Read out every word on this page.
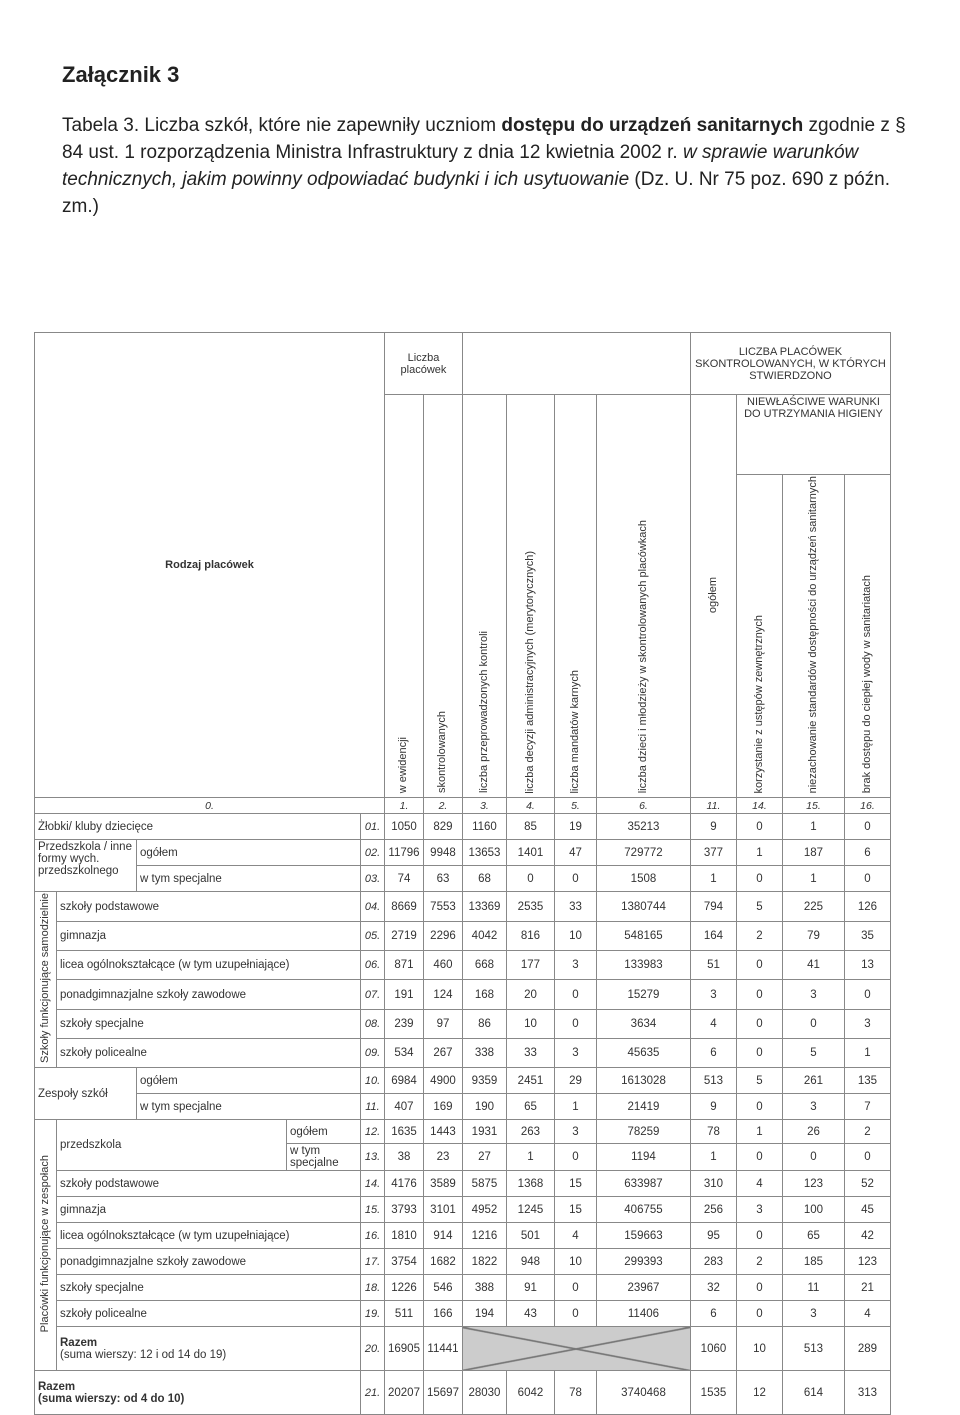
Załącznik 3
Tabela 3. Liczba szkół, które nie zapewniły uczniom dostępu do urządzeń sanitarnych zgodnie z § 84 ust. 1 rozporządzenia Ministra Infrastruktury z dnia 12 kwietnia 2002 r. w sprawie warunków technicznych, jakim powinny odpowiadać budynki i ich usytuowanie (Dz. U. Nr 75 poz. 690 z późn. zm.)
Rodzaj placówek					Liczba placówek						LICZBA PLACÓWEK SKONTROLOWANYCH, W KTÓRYCH STWIERDZONO			
					w ewidencji	skontrolowanych	liczba przeprowadzonych kontroli	liczba decyzji administracyjnych (merytorycznych)	liczba mandatów karnych	liczba dzieci i młodzieży w skontrolowanych placówkach	ogółem	NIEWŁAŚCIWE WARUNKI DO UTRZYMANIA HIGIENY		
												korzystanie z ustępów zewnętrznych	niezachowanie standardów dostępności do urządzeń sanitarnych	brak dostępu do ciepłej wody w sanitariatach
0.					1.	2.	3.	4.	5.	6.	11.	14.	15.	16.
Żłobki/ kluby dziecięce				01.	1050	829	1160	85	19	35213	9	0	1	0
Przedszkola / inne formy wych. przedszkolnego		ogółem		02.	11796	9948	13653	1401	47	729772	377	1	187	6
		w tym specjalne		03.	74	63	68	0	0	1508	1	0	1	0
Szkoły funkcjonujące samodzielnie	szkoły podstawowe			04.	8669	7553	13369	2535	33	1380744	794	5	225	126
	gimnazja			05.	2719	2296	4042	816	10	548165	164	2	79	35
	licea ogólnokształcące (w tym uzupełniające)			06.	871	460	668	177	3	133983	51	0	41	13
	ponadgimnazjalne szkoły zawodowe			07.	191	124	168	20	0	15279	3	0	3	0
	szkoły specjalne			08.	239	97	86	10	0	3634	4	0	0	3
	szkoły policealne			09.	534	267	338	33	3	45635	6	0	5	1
Zespoły szkół		ogółem		10.	6984	4900	9359	2451	29	1613028	513	5	261	135
		w tym specjalne		11.	407	169	190	65	1	21419	9	0	3	7
Placówki funkcjonujące w zespołach	przedszkola		ogółem	12.	1635	1443	1931	263	3	78259	78	1	26	2
			w tym specjalne	13.	38	23	27	1	0	1194	1	0	0	0
	szkoły podstawowe			14.	4176	3589	5875	1368	15	633987	310	4	123	52
	gimnazja			15.	3793	3101	4952	1245	15	406755	256	3	100	45
	licea ogólnokształcące (w tym uzupełniające)			16.	1810	914	1216	501	4	159663	95	0	65	42
	ponadgimnazjalne szkoły zawodowe			17.	3754	1682	1822	948	10	299393	283	2	185	123
	szkoły specjalne			18.	1226	546	388	91	0	23967	32	0	11	21
	szkoły policealne			19.	511	166	194	43	0	11406	6	0	3	4

	Razem
(suma wierszy: 12 i od 14 do 19)			20.	16905	11441					1060	10	513	289

Razem
(suma wierszy: od 4 do 10)				21.	20207	15697	28030	6042	78	3740468	1535	12	614	313
